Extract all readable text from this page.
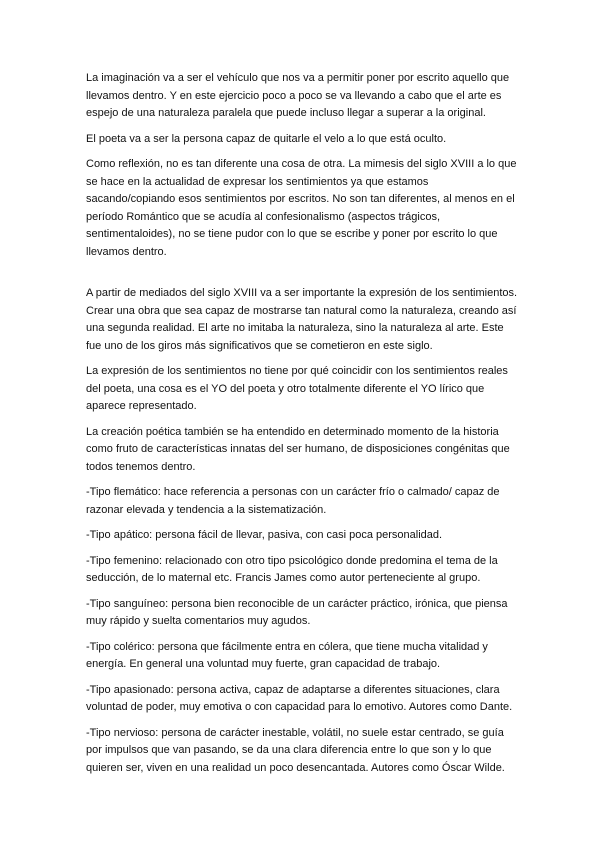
La imaginación va a ser el vehículo que nos va a permitir poner por escrito aquello que llevamos dentro. Y en este ejercicio poco a poco se va llevando a cabo que el arte es espejo de una naturaleza paralela que puede incluso llegar a superar a la original.

El poeta va a ser la persona capaz de quitarle el velo a lo que está oculto.

Como reflexión, no es tan diferente una cosa de otra. La mimesis del siglo XVIII a lo que se hace en la actualidad de expresar los sentimientos ya que estamos sacando/copiando esos sentimientos por escritos. No son tan diferentes, al menos en el período Romántico que se acudía al confesionalismo (aspectos trágicos, sentimentaloides), no se tiene pudor con lo que se escribe y poner por escrito lo que llevamos dentro.

A partir de mediados del siglo XVIII va a ser importante la expresión de los sentimientos. Crear una obra que sea capaz de mostrarse tan natural como la naturaleza, creando así una segunda realidad. El arte no imitaba la naturaleza, sino la naturaleza al arte. Este fue uno de los giros más significativos que se cometieron en este siglo.

La expresión de los sentimientos no tiene por qué coincidir con los sentimientos reales del poeta, una cosa es el YO del poeta y otro totalmente diferente el YO lírico que aparece representado.

La creación poética también se ha entendido en determinado momento de la historia como fruto de características innatas del ser humano, de disposiciones congénitas que todos tenemos dentro.

-Tipo flemático: hace referencia a personas con un carácter frío o calmado/ capaz de razonar elevada y tendencia a la sistematización.

-Tipo apático: persona fácil de llevar, pasiva, con casi poca personalidad.

-Tipo femenino: relacionado con otro tipo psicológico donde predomina el tema de la seducción, de lo maternal etc. Francis James como autor perteneciente al grupo.

-Tipo sanguíneo: persona bien reconocible de un carácter práctico, irónica, que piensa muy rápido y suelta comentarios muy agudos.

-Tipo colérico: persona que fácilmente entra en cólera, que tiene mucha vitalidad y energía. En general una voluntad muy fuerte, gran capacidad de trabajo.

-Tipo apasionado: persona activa, capaz de adaptarse a diferentes situaciones, clara voluntad de poder, muy emotiva o con capacidad para lo emotivo. Autores como Dante.

-Tipo nervioso: persona de carácter inestable, volátil, no suele estar centrado, se guía por impulsos que van pasando, se da una clara diferencia entre lo que son y lo que quieren ser, viven en una realidad un poco desencantada. Autores como Óscar Wilde.
